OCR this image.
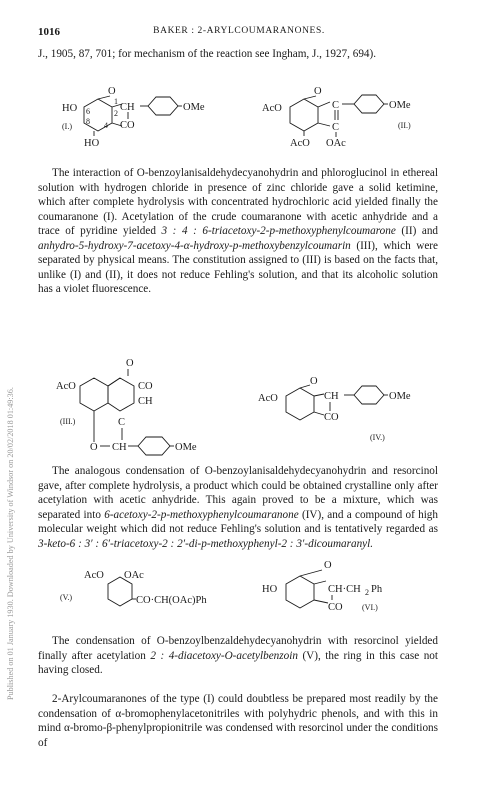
Published on 01 January 1930. Downloaded by University of Windsor on 20/02/2018 01:49:36.
1016	BAKER : 2-ARYLCOUMARANONES.
J., 1905, 87, 701; for mechanism of the reaction see Ingham, J., 1927, 694).
O
CH
CO
OMe
HO
(I.)
HO
1
2
4
6
8
O
AcO	C
C
OMe
(II.)
AcO OAc
The interaction of O-benzoylanisaldehydecyanohydrin and phloroglucinol in ethereal solution with hydrogen chloride in presence of zinc chloride gave a solid ketimine, which after complete hydrolysis with concentrated hydrochloric acid yielded finally the coumaranone (I). Acetylation of the crude coumaranone with acetic anhydride and a trace of pyridine yielded 3 : 4 : 6-triacetoxy-2-p-methoxyphenylcoumarone (II) and anhydro-5-hydroxy-7-acetoxy-4-α-hydroxy-p-methoxybenzylcoumarin (III), which were separated by physical means. The constitution assigned to (III) is based on the facts that, unlike (I) and (II), it does not reduce Fehling's solution, and that its alcoholic solution has a violet fluorescence.
O
AcO	CO
CH
C
(III.)
O CH	OMe
O
AcO	CH
CO
OMe
(IV.)
The analogous condensation of O-benzoylanisaldehydecyanohydrin and resorcinol gave, after complete hydrolysis, a product which could be obtained crystalline only after acetylation with acetic anhydride. This again proved to be a mixture, which was separated into 6-acetoxy-2-p-methoxyphenylcoumaranone (IV), and a compound of high molecular weight which did not reduce Fehling's solution and is tentatively regarded as 3-keto-6 : 3′ : 6′-triacetoxy-2 : 2′-di-p-methoxyphenyl-2 : 3′-dicoumaranyl.
AcO OAc
CO·CH(OAc)Ph
(V.)
O
HO	CH·CH 2 Ph
CO (VI.)
The condensation of O-benzoylbenzaldehydecyanohydrin with resorcinol yielded finally after acetylation 2 : 4-diacetoxy-O-acetylbenzoin (V), the ring in this case not having closed.
2-Arylcoumaranones of the type (I) could doubtless be prepared most readily by the condensation of α-bromophenylacetonitriles with polyhydric phenols, and with this in mind α-bromo-β-phenylpropionitrile was condensed with resorcinol under the conditions of
